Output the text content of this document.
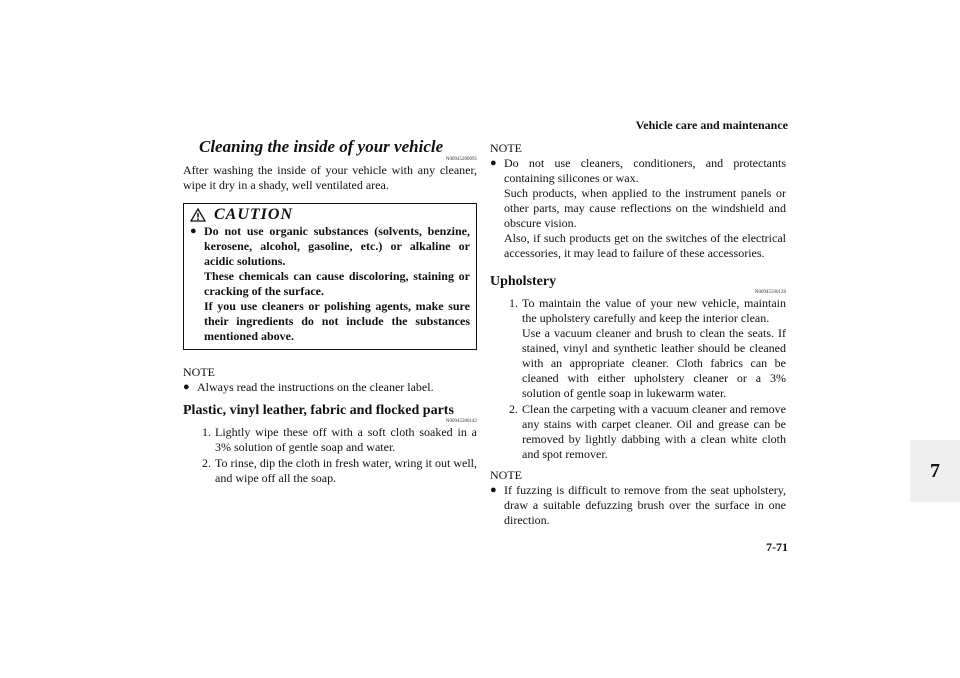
Vehicle care and maintenance
7-71
7
Cleaning the inside of your vehicle
N00945200095

After washing the inside of your vehicle with any cleaner, wipe it dry in a shady, well ventilated area.

CAUTION
● Do not use organic substances (solvents, benzine, kerosene, alcohol, gasoline, etc.) or alkaline or acidic solutions.
These chemicals can cause discoloring, staining or cracking of the surface.
If you use cleaners or polishing agents, make sure their ingredients do not include the substances mentioned above.
NOTE
● Always read the instructions on the cleaner label.
Plastic, vinyl leather, fabric and flocked parts
N00945300142
1. Lightly wipe these off with a soft cloth soaked in a 3% solution of gentle soap and water.
2. To rinse, dip the cloth in fresh water, wring it out well, and wipe off all the soap.
NOTE
● Do not use cleaners, conditioners, and protectants containing silicones or wax.
Such products, when applied to the instrument panels or other parts, may cause reflections on the windshield and obscure vision.
Also, if such products get on the switches of the electrical accessories, it may lead to failure of these accessories.

Upholstery
N00945500128
1. To maintain the value of your new vehicle, maintain the upholstery carefully and keep the interior clean.
Use a vacuum cleaner and brush to clean the seats. If stained, vinyl and synthetic leather should be cleaned with an appropriate cleaner. Cloth fabrics can be cleaned with either upholstery cleaner or a 3% solution of gentle soap in lukewarm water.
2. Clean the carpeting with a vacuum cleaner and remove any stains with carpet cleaner. Oil and grease can be removed by lightly dabbing with a clean white cloth and spot remover.
NOTE
● If fuzzing is difficult to remove from the seat upholstery, draw a suitable defuzzing brush over the surface in one direction.
